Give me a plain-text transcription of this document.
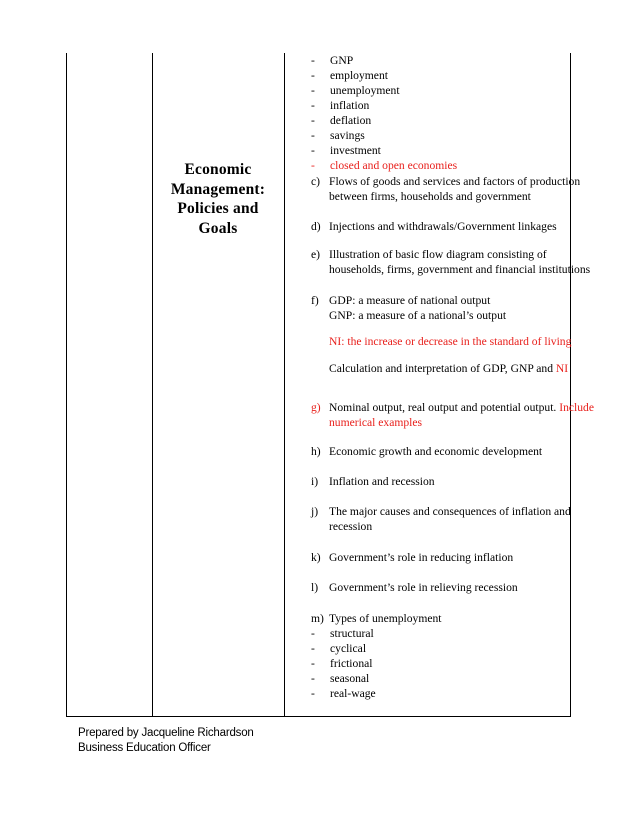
Economic
Management:
Policies and
Goals
-	GNP
-	employment
-	unemployment
-	inflation
-	deflation
-	savings
-	investment
-	closed and open economies
c) Flows of goods and services and factors of production
between firms, households and government
d) Injections and withdrawals/Government linkages
e) Illustration of basic flow diagram consisting of
households, firms, government and financial institutions
f) GDP: a measure of national output
GNP: a measure of a national’s output
NI: the increase or decrease in the standard of living
Calculation and interpretation of GDP, GNP and NI
g) Nominal output, real output and potential output. Include
numerical examples
h) Economic growth and economic development
i) Inflation and recession
j) The major causes and consequences of inflation and
recession
k) Government’s role in reducing inflation
l) Government’s role in relieving recession
m) Types of unemployment
-	structural
-	cyclical
-	frictional
-	seasonal
-	real-wage
Prepared by Jacqueline Richardson
Business Education Officer
